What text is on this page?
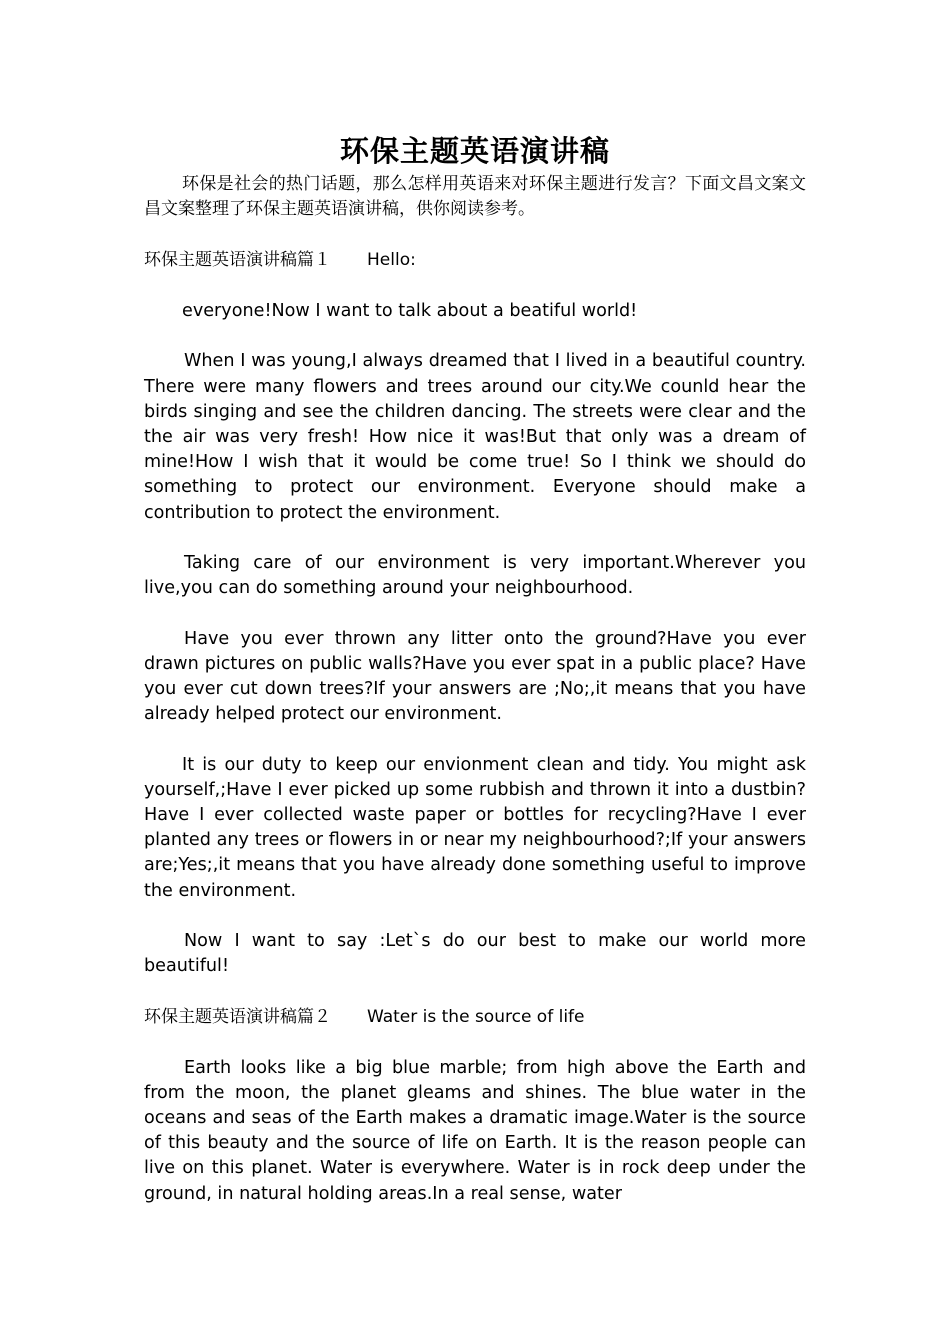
环保主题英语演讲稿

环保是社会的热门话题，那么怎样用英语来对环保主题进行发言？下面文昌文案文昌文案整理了环保主题英语演讲稿，供你阅读参考。

环保主题英语演讲稿篇１ Hello:

everyone!Now I want to talk about a beatiful world!

When I was young,I always dreamed that I lived in a beautiful country. There were many flowers and trees around our city.We counld hear the birds singing and see the children dancing. The streets were clear and the the air was very fresh! How nice it was!But that only was a dream of mine!How I wish that it would be come true! So I think we should do something to protect our environment. Everyone should make a contribution to protect the environment.

Taking care of our environment is very important.Wherever you live,you can do something around your neighbourhood.

Have you ever thrown any litter onto the ground?Have you ever drawn pictures on public walls?Have you ever spat in a public place? Have you ever cut down trees?If your answers are ;No;,it means that you have already helped protect our environment.

It is our duty to keep our envionment clean and tidy. You might ask yourself,;Have I ever picked up some rubbish and thrown it into a dustbin?Have I ever collected waste paper or bottles for recycling?Have I ever planted any trees or flowers in or near my neighbourhood?;If your answers are;Yes;,it means that you have already done something useful to improve the environment.

Now I want to say :Let`s do our best to make our world more beautiful!

环保主题英语演讲稿篇２ Water is the source of life

Earth looks like a big blue marble; from high above the Earth and from the moon, the planet gleams and shines. The blue water in the oceans and seas of the Earth makes a dramatic image.Water is the source of this beauty and the source of life on Earth. It is the reason people can live on this planet. Water is everywhere. Water is in rock deep under the ground, in natural holding areas.In a real sense, water
